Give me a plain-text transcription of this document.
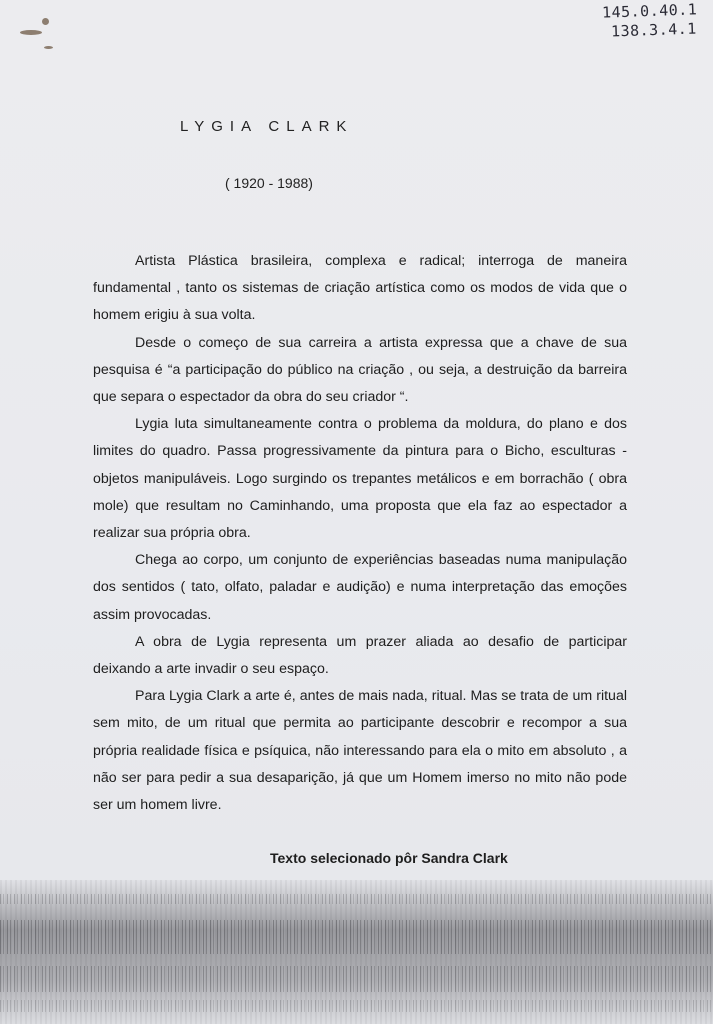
145.0.40.1
138.3.4.1
LYGIA CLARK
( 1920 - 1988)

Artista Plástica brasileira, complexa e radical; interroga de maneira fundamental , tanto os sistemas de criação artística como os modos de vida que o homem erigiu à sua volta.

Desde o começo de sua carreira a artista expressa que a chave de sua pesquisa é “a participação do público na criação , ou seja, a destruição da barreira que separa o espectador da obra do seu criador “.

Lygia luta simultaneamente contra o problema da moldura, do plano e dos limites do quadro. Passa progressivamente da pintura para o Bicho, esculturas - objetos manipuláveis. Logo surgindo os trepantes metálicos e em borrachão ( obra mole) que resultam no Caminhando, uma proposta que ela faz ao espectador a realizar sua própria obra.

Chega ao corpo, um conjunto de experiências baseadas numa manipulação dos sentidos ( tato, olfato, paladar e audição) e numa interpretação das emoções assim provocadas.

A obra de Lygia representa um prazer aliada ao desafio de participar deixando a arte invadir o seu espaço.

Para Lygia Clark a arte é, antes de mais nada, ritual. Mas se trata de um ritual sem mito, de um ritual que permita ao participante descobrir e recompor a sua própria realidade física e psíquica, não interessando para ela o mito em absoluto , a não ser para pedir a sua desaparição, já que um Homem imerso no mito não pode ser um homem livre.

Texto selecionado pôr Sandra Clark
